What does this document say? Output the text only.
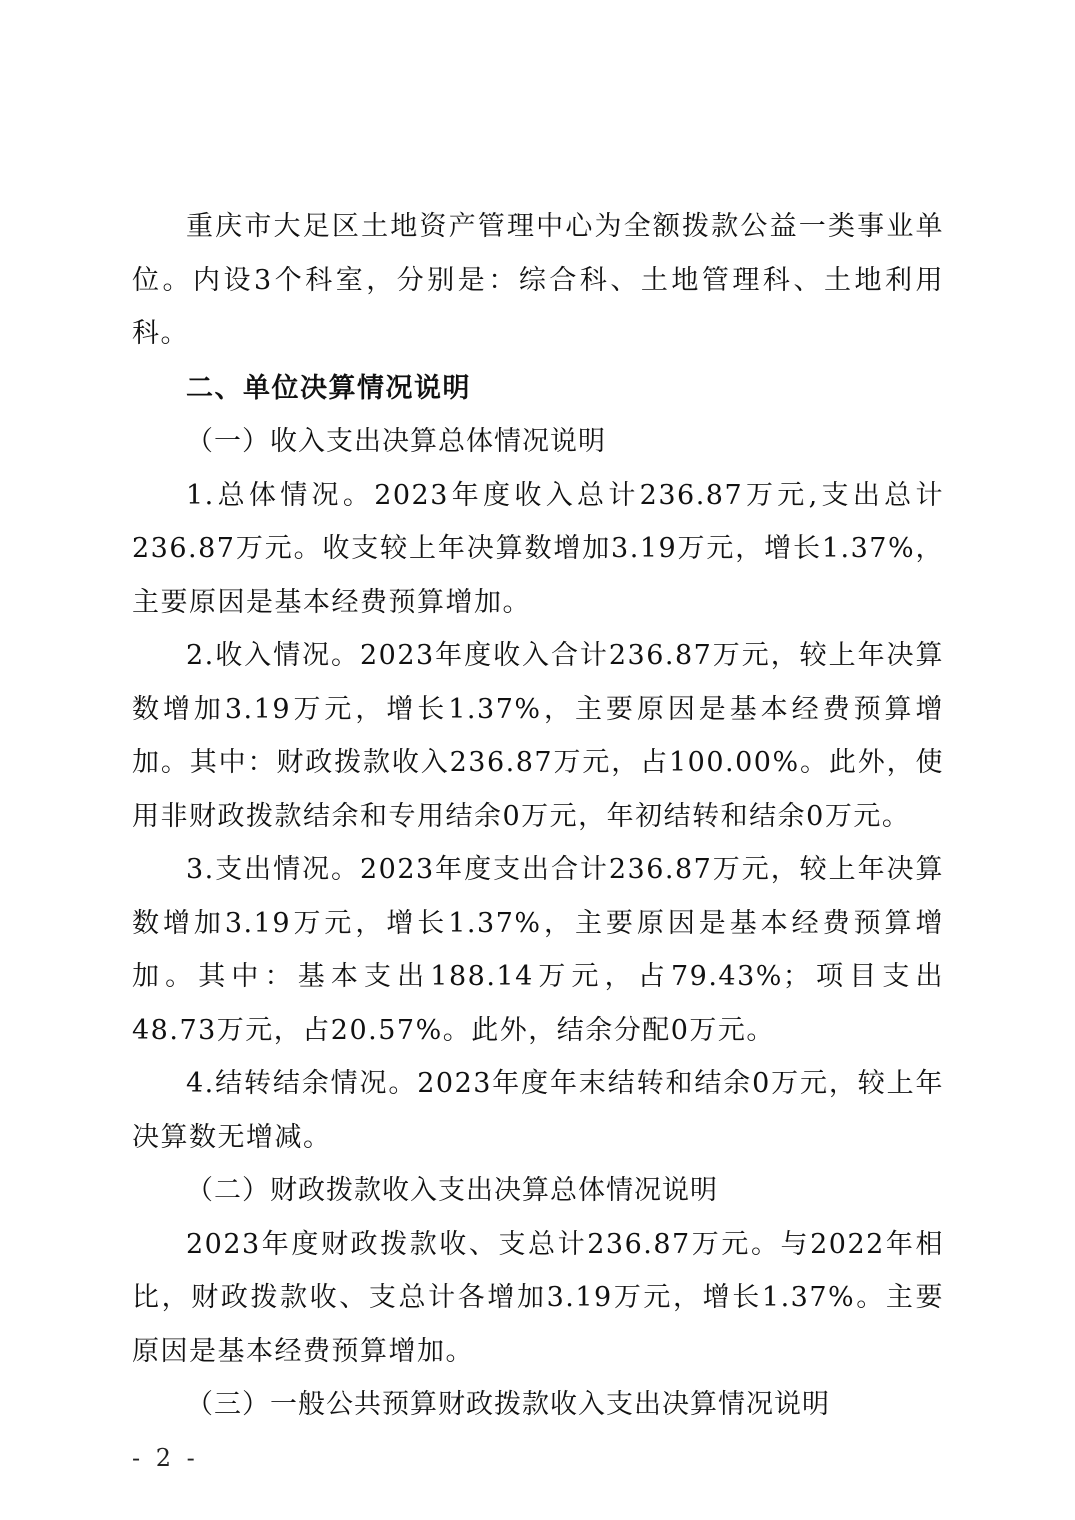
重庆市大足区土地资产管理中心为全额拨款公益一类事业单位。内设3个科室，分别是：综合科、土地管理科、土地利用科。

二、单位决算情况说明

（一）收入支出决算总体情况说明

1.总体情况。2023年度收入总计236.87万元,支出总计236.87万元。收支较上年决算数增加3.19万元，增长1.37%，主要原因是基本经费预算增加。

2.收入情况。2023年度收入合计236.87万元，较上年决算数增加3.19万元，增长1.37%，主要原因是基本经费预算增加。其中：财政拨款收入236.87万元，占100.00%。此外，使用非财政拨款结余和专用结余0万元，年初结转和结余0万元。

3.支出情况。2023年度支出合计236.87万元，较上年决算数增加3.19万元，增长1.37%，主要原因是基本经费预算增加。其中：基本支出188.14万元，占79.43%；项目支出48.73万元，占20.57%。此外，结余分配0万元。

4.结转结余情况。2023年度年末结转和结余0万元，较上年决算数无增减。

（二）财政拨款收入支出决算总体情况说明

2023年度财政拨款收、支总计236.87万元。与2022年相比，财政拨款收、支总计各增加3.19万元，增长1.37%。主要原因是基本经费预算增加。

（三）一般公共预算财政拨款收入支出决算情况说明

- 2 -
